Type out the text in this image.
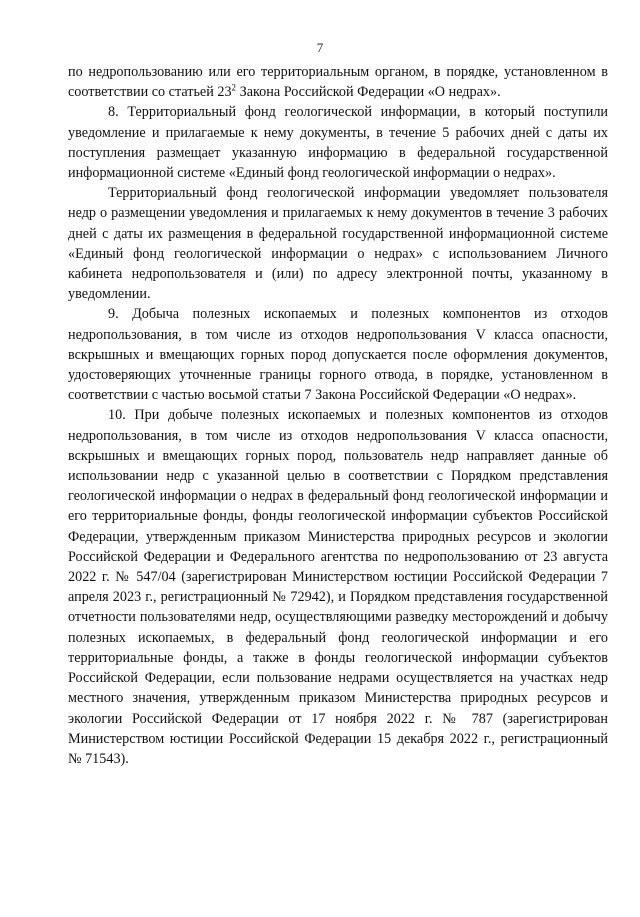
7

по недропользованию или его территориальным органом, в порядке, установленном в соответствии со статьей $23^2$ Закона Российской Федерации «О недрах».

8. Территориальный фонд геологической информации, в который поступили уведомление и прилагаемые к нему документы, в течение 5 рабочих дней с даты их поступления размещает указанную информацию в федеральной государственной информационной системе «Единый фонд геологической информации о недрах».

Территориальный фонд геологической информации уведомляет пользователя недр о размещении уведомления и прилагаемых к нему документов в течение 3 рабочих дней с даты их размещения в федеральной государственной информационной системе «Единый фонд геологической информации о недрах» с использованием Личного кабинета недропользователя и (или) по адресу электронной почты, указанному в уведомлении.

9. Добыча полезных ископаемых и полезных компонентов из отходов недропользования, в том числе из отходов недропользования V класса опасности, вскрышных и вмещающих горных пород допускается после оформления документов, удостоверяющих уточненные границы горного отвода, в порядке, установленном в соответствии с частью восьмой статьи 7 Закона Российской Федерации «О недрах».

10. При добыче полезных ископаемых и полезных компонентов из отходов недропользования, в том числе из отходов недропользования V класса опасности, вскрышных и вмещающих горных пород, пользователь недр направляет данные об использовании недр с указанной целью в соответствии с Порядком представления геологической информации о недрах в федеральный фонд геологической информации и его территориальные фонды, фонды геологической информации субъектов Российской Федерации, утвержденным приказом Министерства природных ресурсов и экологии Российской Федерации и Федерального агентства по недропользованию от 23 августа 2022 г. № 547/04 (зарегистрирован Министерством юстиции Российской Федерации 7 апреля 2023 г., регистрационный № 72942), и Порядком представления государственной отчетности пользователями недр, осуществляющими разведку месторождений и добычу полезных ископаемых, в федеральный фонд геологической информации и его территориальные фонды, а также в фонды геологической информации субъектов Российской Федерации, если пользование недрами осуществляется на участках недр местного значения, утвержденным приказом Министерства природных ресурсов и экологии Российской Федерации от 17 ноября 2022 г. № 787 (зарегистрирован Министерством юстиции Российской Федерации 15 декабря 2022 г., регистрационный № 71543).
